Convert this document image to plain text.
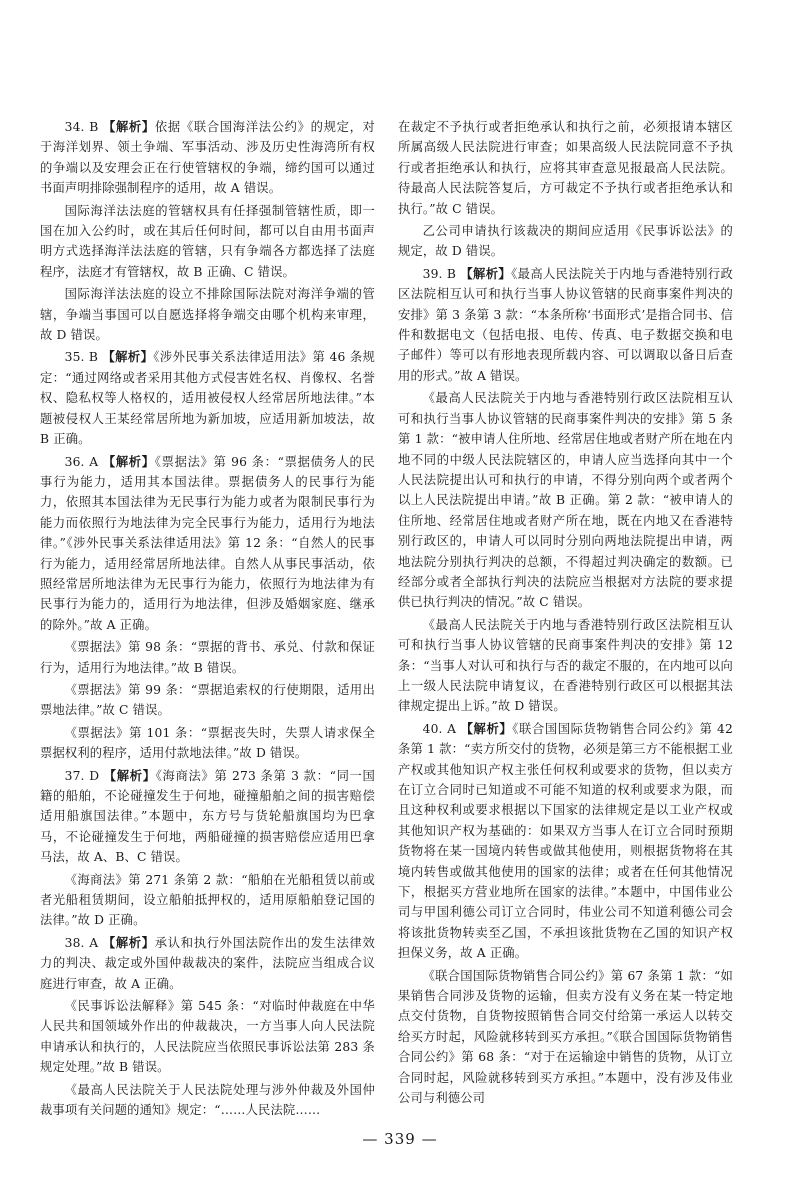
34. B 【解析】依据《联合国海洋法公约》的规定，对于海洋划界、领土争端、军事活动、涉及历史性海湾所有权的争端以及安理会正在行使管辖权的争端，缔约国可以通过书面声明排除强制程序的适用，故 A 错误。

国际海洋法法庭的管辖权具有任择强制管辖性质，即一国在加入公约时，或在其后任何时间，都可以自由用书面声明方式选择海洋法法庭的管辖，只有争端各方都选择了法庭程序，法庭才有管辖权，故 B 正确、C 错误。

国际海洋法法庭的设立不排除国际法院对海洋争端的管辖，争端当事国可以自愿选择将争端交由哪个机构来审理，故 D 错误。

35. B 【解析】《涉外民事关系法律适用法》第 46 条规定：“通过网络或者采用其他方式侵害姓名权、肖像权、名誉权、隐私权等人格权的，适用被侵权人经常居所地法律。”本题被侵权人王某经常居所地为新加坡，应适用新加坡法，故 B 正确。

36. A 【解析】《票据法》第 96 条：“票据债务人的民事行为能力，适用其本国法律。票据债务人的民事行为能力，依照其本国法律为无民事行为能力或者为限制民事行为能力而依照行为地法律为完全民事行为能力，适用行为地法律。”《涉外民事关系法律适用法》第 12 条：“自然人的民事行为能力，适用经常居所地法律。自然人从事民事活动，依照经常居所地法律为无民事行为能力，依照行为地法律为有民事行为能力的，适用行为地法律，但涉及婚姻家庭、继承的除外。”故 A 正确。

《票据法》第 98 条：“票据的背书、承兑、付款和保证行为，适用行为地法律。”故 B 错误。

《票据法》第 99 条：“票据追索权的行使期限，适用出票地法律。”故 C 错误。

《票据法》第 101 条：“票据丧失时，失票人请求保全票据权利的程序，适用付款地法律。”故 D 错误。

37. D 【解析】《海商法》第 273 条第 3 款：“同一国籍的船舶，不论碰撞发生于何地，碰撞船舶之间的损害赔偿适用船旗国法律。”本题中，东方号与货轮船旗国均为巴拿马，不论碰撞发生于何地，两船碰撞的损害赔偿应适用巴拿马法，故 A、B、C 错误。

《海商法》第 271 条第 2 款：“船舶在光船租赁以前或者光船租赁期间，设立船舶抵押权的，适用原船舶登记国的法律。”故 D 正确。

38. A 【解析】承认和执行外国法院作出的发生法律效力的判决、裁定或外国仲裁裁决的案件，法院应当组成合议庭进行审查，故 A 正确。

《民事诉讼法解释》第 545 条：“对临时仲裁庭在中华人民共和国领域外作出的仲裁裁决，一方当事人向人民法院申请承认和执行的，人民法院应当依照民事诉讼法第 283 条规定处理。”故 B 错误。

《最高人民法院关于人民法院处理与涉外仲裁及外国仲裁事项有关问题的通知》规定：“……人民法院……

在裁定不予执行或者拒绝承认和执行之前，必须报请本辖区所属高级人民法院进行审查；如果高级人民法院同意不予执行或者拒绝承认和执行，应将其审查意见报最高人民法院。待最高人民法院答复后，方可裁定不予执行或者拒绝承认和执行。”故 C 错误。

乙公司申请执行该裁决的期间应适用《民事诉讼法》的规定，故 D 错误。

39. B 【解析】《最高人民法院关于内地与香港特别行政区法院相互认可和执行当事人协议管辖的民商事案件判决的安排》第 3 条第 3 款：“本条所称‘书面形式’是指合同书、信件和数据电文（包括电报、电传、传真、电子数据交换和电子邮件）等可以有形地表现所载内容、可以调取以备日后查用的形式。”故 A 错误。

《最高人民法院关于内地与香港特别行政区法院相互认可和执行当事人协议管辖的民商事案件判决的安排》第 5 条第 1 款：“被申请人住所地、经常居住地或者财产所在地在内地不同的中级人民法院辖区的，申请人应当选择向其中一个人民法院提出认可和执行的申请，不得分别向两个或者两个以上人民法院提出申请。”故 B 正确。第 2 款：“被申请人的住所地、经常居住地或者财产所在地，既在内地又在香港特别行政区的，申请人可以同时分别向两地法院提出申请，两地法院分别执行判决的总额，不得超过判决确定的数额。已经部分或者全部执行判决的法院应当根据对方法院的要求提供已执行判决的情况。”故 C 错误。

《最高人民法院关于内地与香港特别行政区法院相互认可和执行当事人协议管辖的民商事案件判决的安排》第 12 条：“当事人对认可和执行与否的裁定不服的，在内地可以向上一级人民法院申请复议，在香港特别行政区可以根据其法律规定提出上诉。”故 D 错误。

40. A 【解析】《联合国国际货物销售合同公约》第 42 条第 1 款：“卖方所交付的货物，必须是第三方不能根据工业产权或其他知识产权主张任何权利或要求的货物，但以卖方在订立合同时已知道或不可能不知道的权利或要求为限，而且这种权利或要求根据以下国家的法律规定是以工业产权或其他知识产权为基础的：如果双方当事人在订立合同时预期货物将在某一国境内转售或做其他使用，则根据货物将在其境内转售或做其他使用的国家的法律；或者在任何其他情况下，根据买方营业地所在国家的法律。”本题中，中国伟业公司与甲国利德公司订立合同时，伟业公司不知道利德公司会将该批货物转卖至乙国，不承担该批货物在乙国的知识产权担保义务，故 A 正确。

《联合国国际货物销售合同公约》第 67 条第 1 款：“如果销售合同涉及货物的运输，但卖方没有义务在某一特定地点交付货物，自货物按照销售合同交付给第一承运人以转交给买方时起，风险就移转到买方承担。”《联合国国际货物销售合同公约》第 68 条：“对于在运输途中销售的货物，从订立合同时起，风险就移转到买方承担。”本题中，没有涉及伟业公司与利德公司

— 339 —
